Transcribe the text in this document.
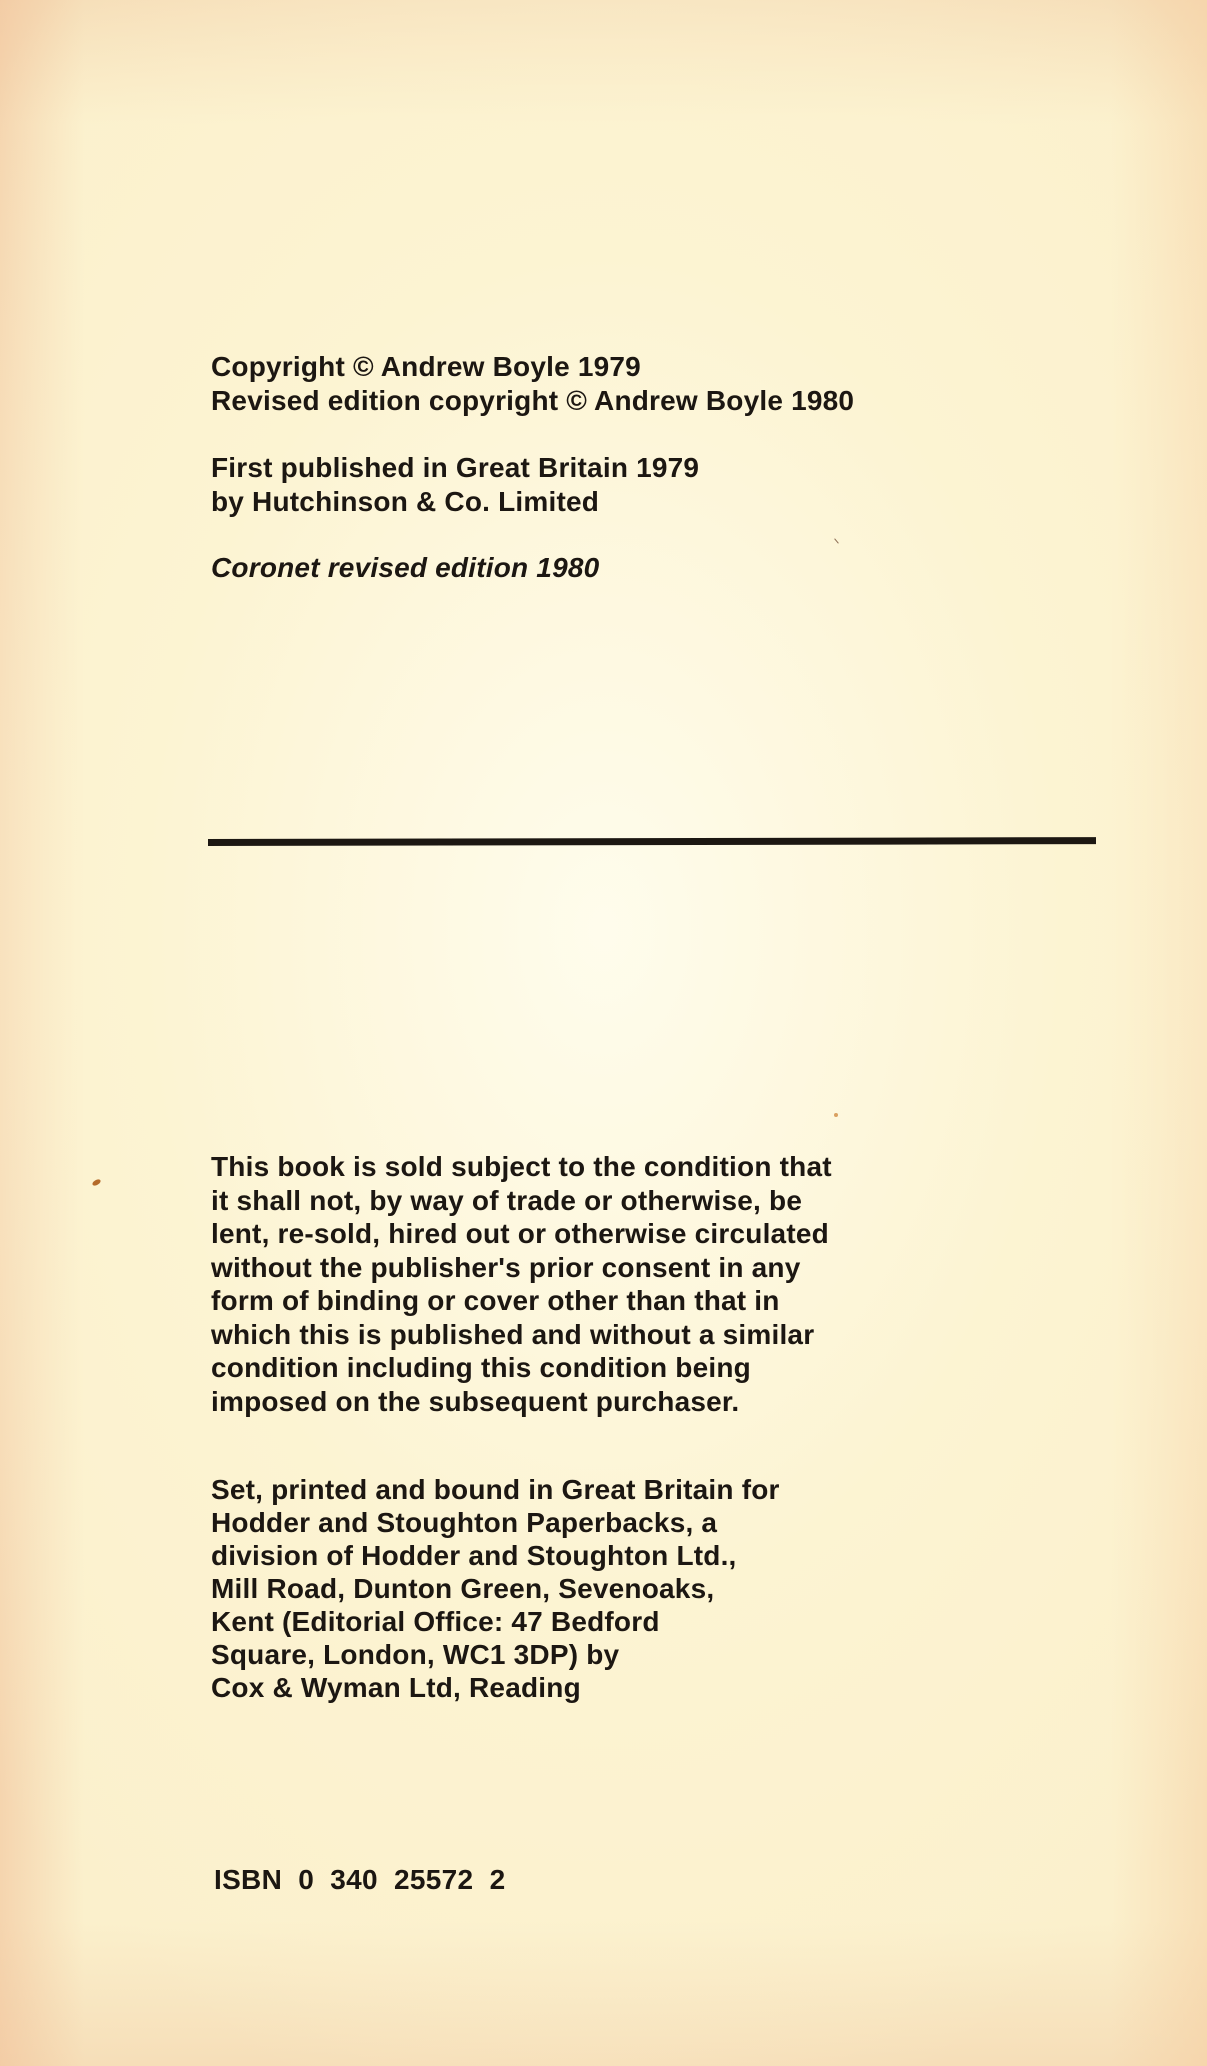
Copyright © Andrew Boyle 1979
Revised edition copyright © Andrew Boyle 1980
First published in Great Britain 1979
by Hutchinson & Co. Limited
Coronet revised edition 1980
This book is sold subject to the condition that
it shall not, by way of trade or otherwise, be
lent, re-sold, hired out or otherwise circulated
without the publisher's prior consent in any
form of binding or cover other than that in
which this is published and without a similar
condition including this condition being
imposed on the subsequent purchaser.
Set, printed and bound in Great Britain for
Hodder and Stoughton Paperbacks, a
division of Hodder and Stoughton Ltd.,
Mill Road, Dunton Green, Sevenoaks,
Kent (Editorial Office: 47 Bedford
Square, London, WC1 3DP) by
Cox & Wyman Ltd, Reading
ISBN  0  340  25572  2
